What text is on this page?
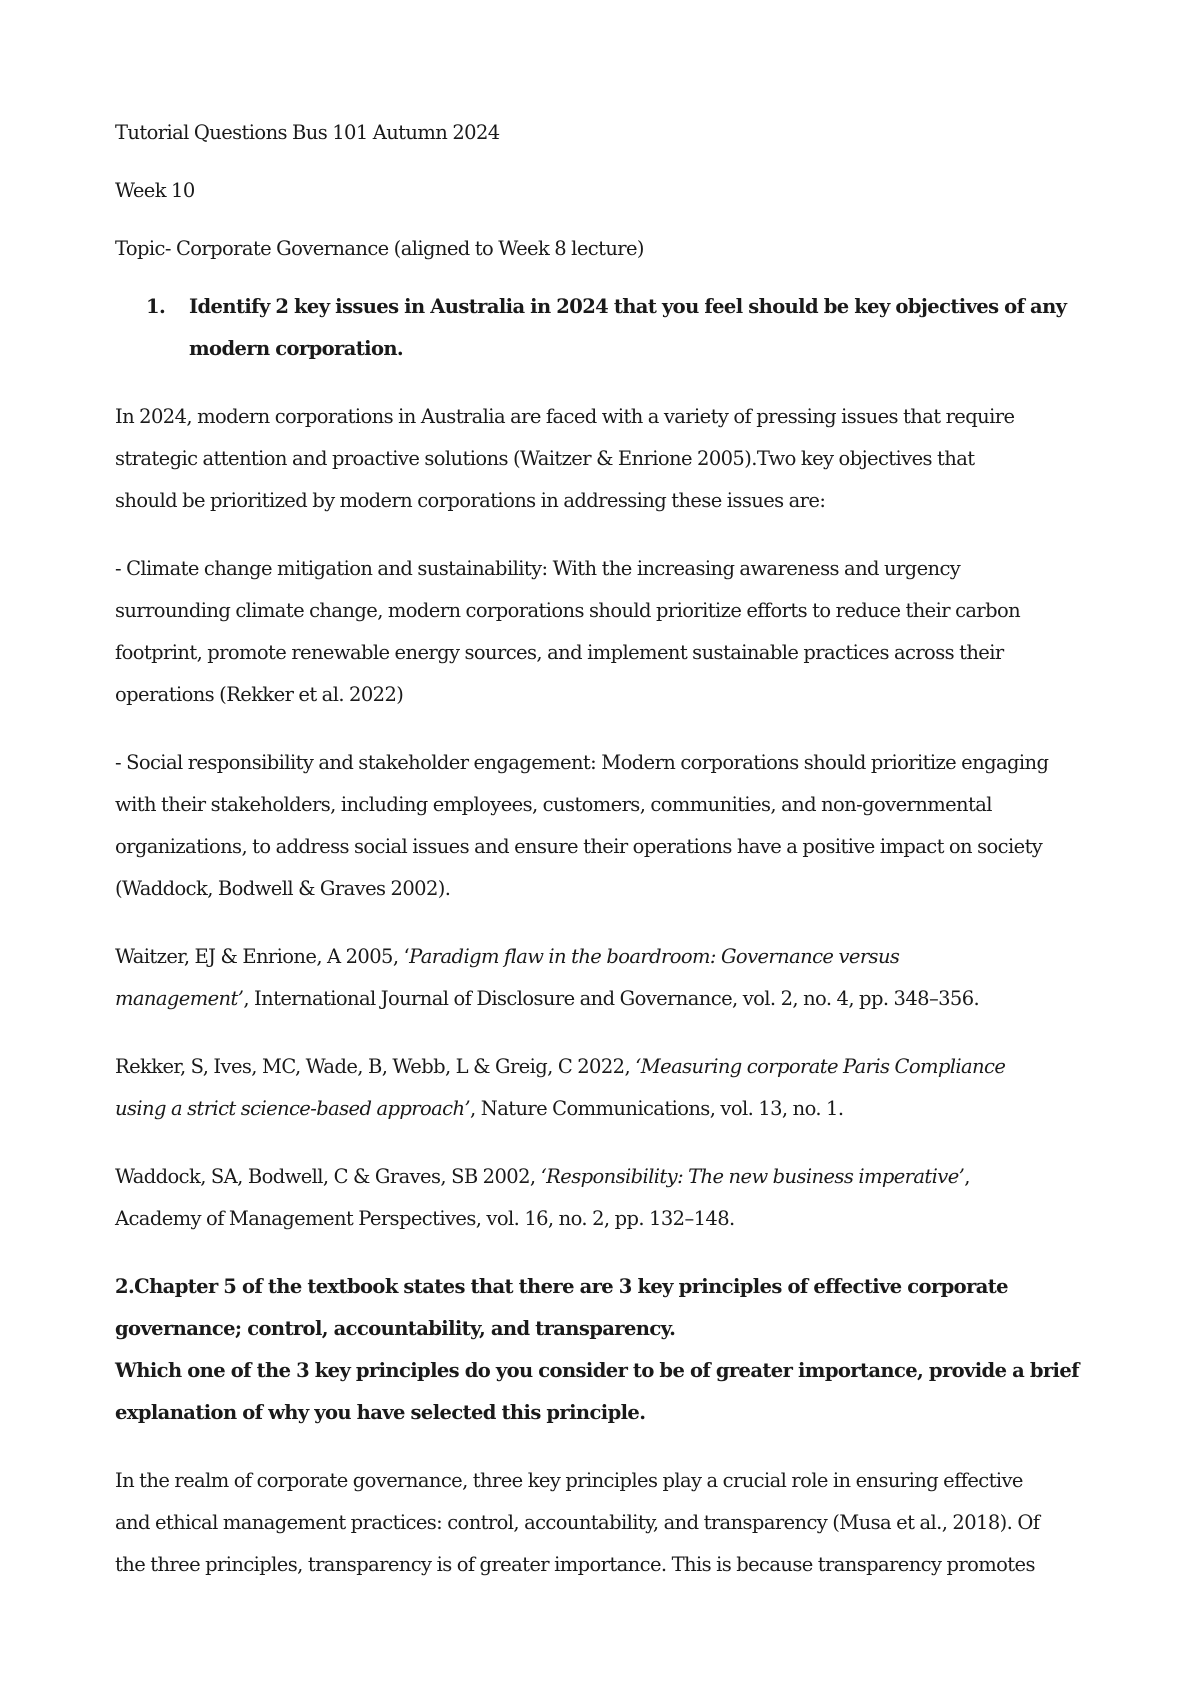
Tutorial Questions Bus 101 Autumn 2024
Week 10
Topic- Corporate Governance (aligned to Week 8 lecture)
1. Identify 2 key issues in Australia in 2024 that you feel should be key objectives of any
modern corporation.
In 2024, modern corporations in Australia are faced with a variety of pressing issues that require
strategic attention and proactive solutions (Waitzer & Enrione 2005).Two key objectives that
should be prioritized by modern corporations in addressing these issues are:
- Climate change mitigation and sustainability: With the increasing awareness and urgency
surrounding climate change, modern corporations should prioritize efforts to reduce their carbon
footprint, promote renewable energy sources, and implement sustainable practices across their
operations (Rekker et al. 2022)
- Social responsibility and stakeholder engagement: Modern corporations should prioritize engaging
with their stakeholders, including employees, customers, communities, and non-governmental
organizations, to address social issues and ensure their operations have a positive impact on society
(Waddock, Bodwell & Graves 2002).
Waitzer, EJ & Enrione, A 2005, ‘Paradigm flaw in the boardroom: Governance versus
management’, International Journal of Disclosure and Governance, vol. 2, no. 4, pp. 348–356.
Rekker, S, Ives, MC, Wade, B, Webb, L & Greig, C 2022, ‘Measuring corporate Paris Compliance
using a strict science-based approach’, Nature Communications, vol. 13, no. 1.
Waddock, SA, Bodwell, C & Graves, SB 2002, ‘Responsibility: The new business imperative’,
Academy of Management Perspectives, vol. 16, no. 2, pp. 132–148.
2.Chapter 5 of the textbook states that there are 3 key principles of effective corporate
governance; control, accountability, and transparency.
Which one of the 3 key principles do you consider to be of greater importance, provide a brief
explanation of why you have selected this principle.
In the realm of corporate governance, three key principles play a crucial role in ensuring effective
and ethical management practices: control, accountability, and transparency (Musa et al., 2018). Of
the three principles, transparency is of greater importance. This is because transparency promotes
